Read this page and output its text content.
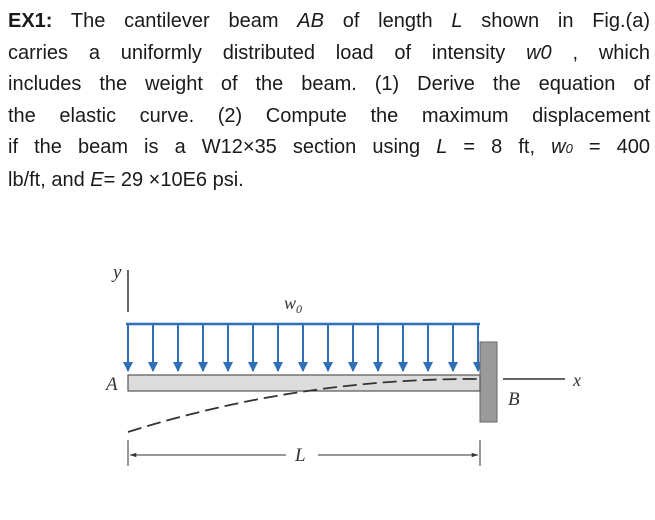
EX1: The cantilever beam AB of length L shown in Fig.(a)
carries a uniformly distributed load of intensity w0 , which
includes the weight of the beam. (1) Derive the equation of
the elastic curve. (2) Compute the maximum displacement
if the beam is a W12×35 section using L = 8 ft, w0 = 400
lb/ft, and E= 29 ×10E6 psi.
y
$w_0$
A	x
B
L
